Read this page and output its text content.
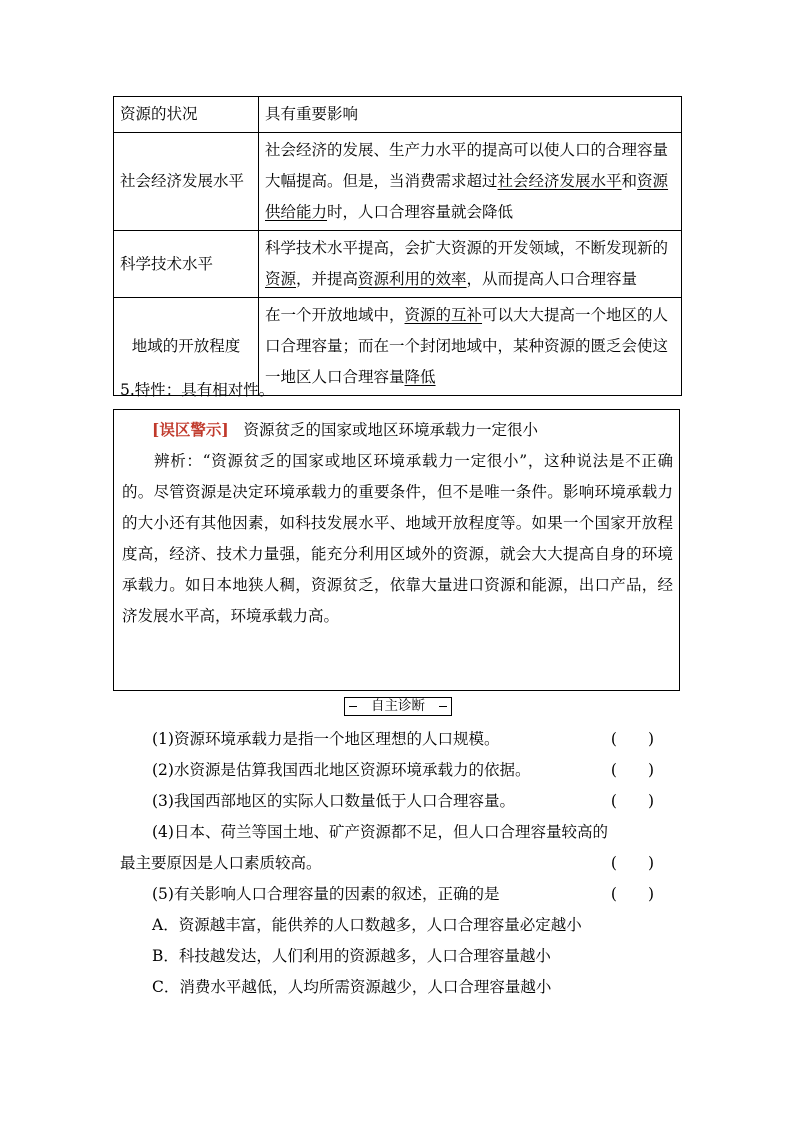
资源的状况	具有重要影响
社会经济发展水平	社会经济的发展、生产力水平的提高可以使人口的合理容量大幅提高。但是，当消费需求超过社会经济发展水平和资源供给能力时，人口合理容量就会降低
科学技术水平	科学技术水平提高，会扩大资源的开发领域，不断发现新的资源，并提高资源利用的效率，从而提高人口合理容量
地域的开放程度	在一个开放地域中，资源的互补可以大大提高一个地区的人口合理容量；而在一个封闭地域中，某种资源的匮乏会使这一地区人口合理容量降低
5.特性：具有相对性。
[误区警示] 资源贫乏的国家或地区环境承载力一定很小
辨析：“资源贫乏的国家或地区环境承载力一定很小”，这种说法是不正确的。尽管资源是决定环境承载力的重要条件，但不是唯一条件。影响环境承载力的大小还有其他因素，如科技发展水平、地域开放程度等。如果一个国家开放程度高，经济、技术力量强，能充分利用区域外的资源，就会大大提高自身的环境承载力。如日本地狭人稠，资源贫乏，依靠大量进口资源和能源，出口产品，经济发展水平高，环境承载力高。
自主诊断
(1)资源环境承载力是指一个地区理想的人口规模。	(　　)
(2)水资源是估算我国西北地区资源环境承载力的依据。	(　　)
(3)我国西部地区的实际人口数量低于人口合理容量。	(　　)
(4)日本、荷兰等国土地、矿产资源都不足，但人口合理容量较高的最主要原因是人口素质较高。	(　　)
(5)有关影响人口合理容量的因素的叙述，正确的是	(　　)
A．资源越丰富，能供养的人口数越多，人口合理容量必定越小
B．科技越发达，人们利用的资源越多，人口合理容量越小
C．消费水平越低，人均所需资源越少，人口合理容量越小
